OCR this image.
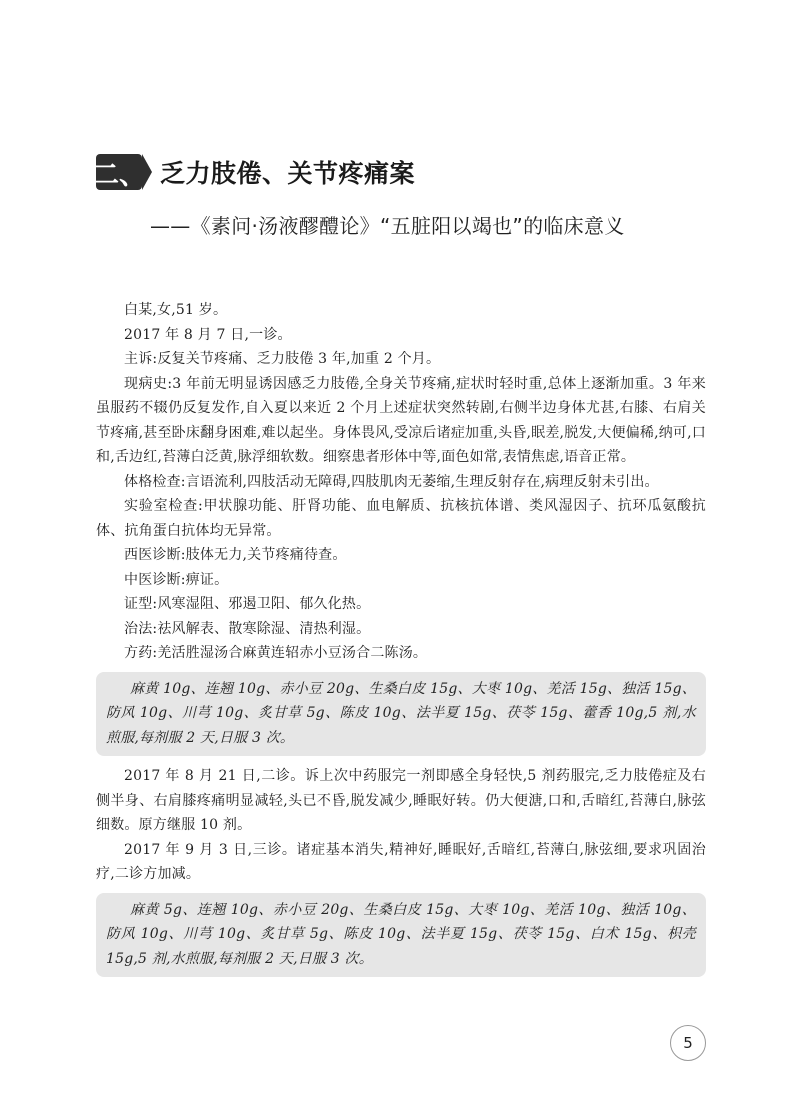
二、 乏力肢倦、关节疼痛案
——《素问·汤液醪醴论》“五脏阳以竭也”的临床意义

白某,女,51 岁。

2017 年 8 月 7 日,一诊。

主诉:反复关节疼痛、乏力肢倦 3 年,加重 2 个月。

现病史:3 年前无明显诱因感乏力肢倦,全身关节疼痛,症状时轻时重,总体上逐渐加重。3 年来虽服药不辍仍反复发作,自入夏以来近 2 个月上述症状突然转剧,右侧半边身体尤甚,右膝、右肩关节疼痛,甚至卧床翻身困难,难以起坐。身体畏风,受凉后诸症加重,头昏,眠差,脱发,大便偏稀,纳可,口和,舌边红,苔薄白泛黄,脉浮细软数。细察患者形体中等,面色如常,表情焦虑,语音正常。

体格检查:言语流利,四肢活动无障碍,四肢肌肉无萎缩,生理反射存在,病理反射未引出。

实验室检查:甲状腺功能、肝肾功能、血电解质、抗核抗体谱、类风湿因子、抗环瓜氨酸抗体、抗角蛋白抗体均无异常。

西医诊断:肢体无力,关节疼痛待查。

中医诊断:痹证。

证型:风寒湿阻、邪遏卫阳、郁久化热。

治法:祛风解表、散寒除湿、清热利湿。

方药:羌活胜湿汤合麻黄连轺赤小豆汤合二陈汤。

麻黄 10g、连翘 10g、赤小豆 20g、生桑白皮 15g、大枣 10g、羌活 15g、独活 15g、防风 10g、川芎 10g、炙甘草 5g、陈皮 10g、法半夏 15g、茯苓 15g、藿香 10g,5 剂,水煎服,每剂服 2 天,日服 3 次。

2017 年 8 月 21 日,二诊。诉上次中药服完一剂即感全身轻快,5 剂药服完,乏力肢倦症及右侧半身、右肩膝疼痛明显减轻,头已不昏,脱发减少,睡眠好转。仍大便溏,口和,舌暗红,苔薄白,脉弦细数。原方继服 10 剂。

2017 年 9 月 3 日,三诊。诸症基本消失,精神好,睡眠好,舌暗红,苔薄白,脉弦细,要求巩固治疗,二诊方加减。

麻黄 5g、连翘 10g、赤小豆 20g、生桑白皮 15g、大枣 10g、羌活 10g、独活 10g、防风 10g、川芎 10g、炙甘草 5g、陈皮 10g、法半夏 15g、茯苓 15g、白术 15g、枳壳 15g,5 剂,水煎服,每剂服 2 天,日服 3 次。
5
